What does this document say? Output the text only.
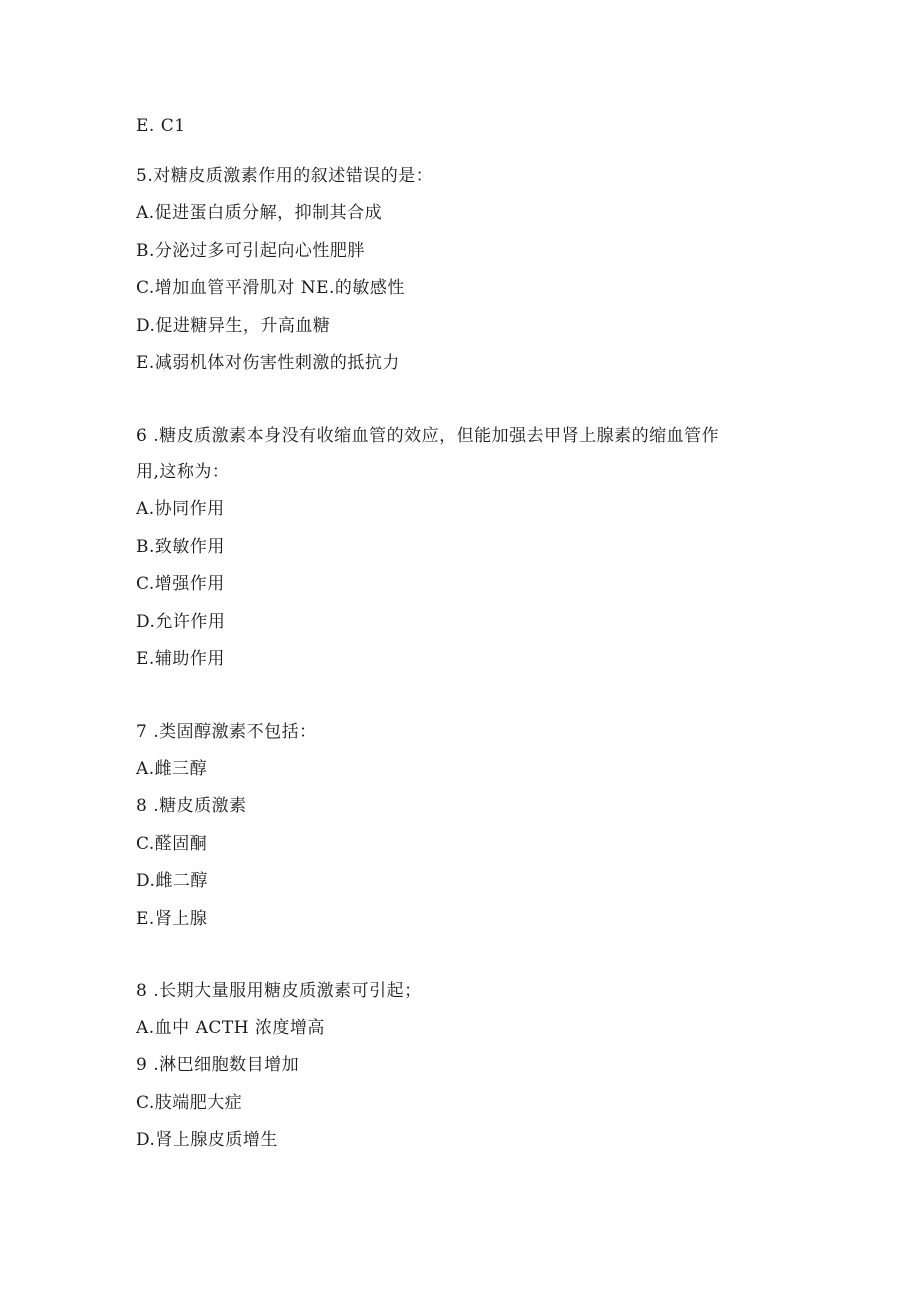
E. C1
5.对糖皮质激素作用的叙述错误的是：
A.促进蛋白质分解，抑制其合成
B.分泌过多可引起向心性肥胖
C.增加血管平滑肌对 NE.的敏感性
D.促进糖异生，升高血糖
E.减弱机体对伤害性刺激的抵抗力
6 .糖皮质激素本身没有收缩血管的效应，但能加强去甲肾上腺素的缩血管作
用,这称为：
A.协同作用
B.致敏作用
C.增强作用
D.允许作用
E.辅助作用
7 .类固醇激素不包括：
A.雌三醇
8 .糖皮质激素
C.醛固酮
D.雌二醇
E.肾上腺
8 .长期大量服用糖皮质激素可引起；
A.血中 ACTH 浓度增高
9 .淋巴细胞数目增加
C.肢端肥大症
D.肾上腺皮质增生
